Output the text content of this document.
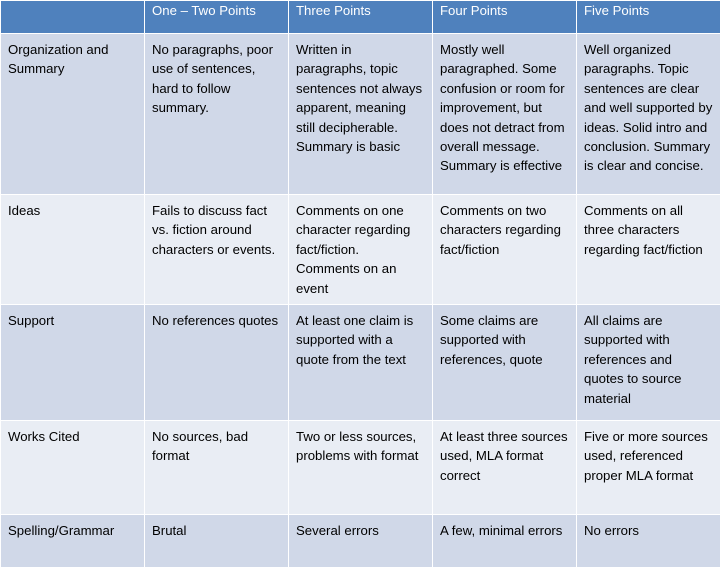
	One – Two Points	Three Points	Four Points	Five Points
Organization and Summary	No paragraphs, poor use of sentences, hard to follow summary.	Written in paragraphs, topic sentences not always apparent, meaning still decipherable. Summary is basic	Mostly well paragraphed. Some confusion or room for improvement, but does not detract from overall message. Summary is effective	Well organized paragraphs. Topic sentences are clear and well supported by ideas. Solid intro and conclusion. Summary is clear and concise.
Ideas	Fails to discuss fact vs. fiction around characters or events.	Comments on one character regarding fact/fiction. Comments on an event	Comments on two characters regarding fact/fiction	Comments on all three characters regarding fact/fiction
Support	No references quotes	At least one claim is supported with a quote from the text	Some claims are supported with references, quote	All claims are supported with references and quotes to source material
Works Cited	No sources, bad format	Two or less sources, problems with format	At least three sources used, MLA format correct	Five or more sources used, referenced proper MLA format
Spelling/Grammar	Brutal	Several errors	A few, minimal errors	No errors
